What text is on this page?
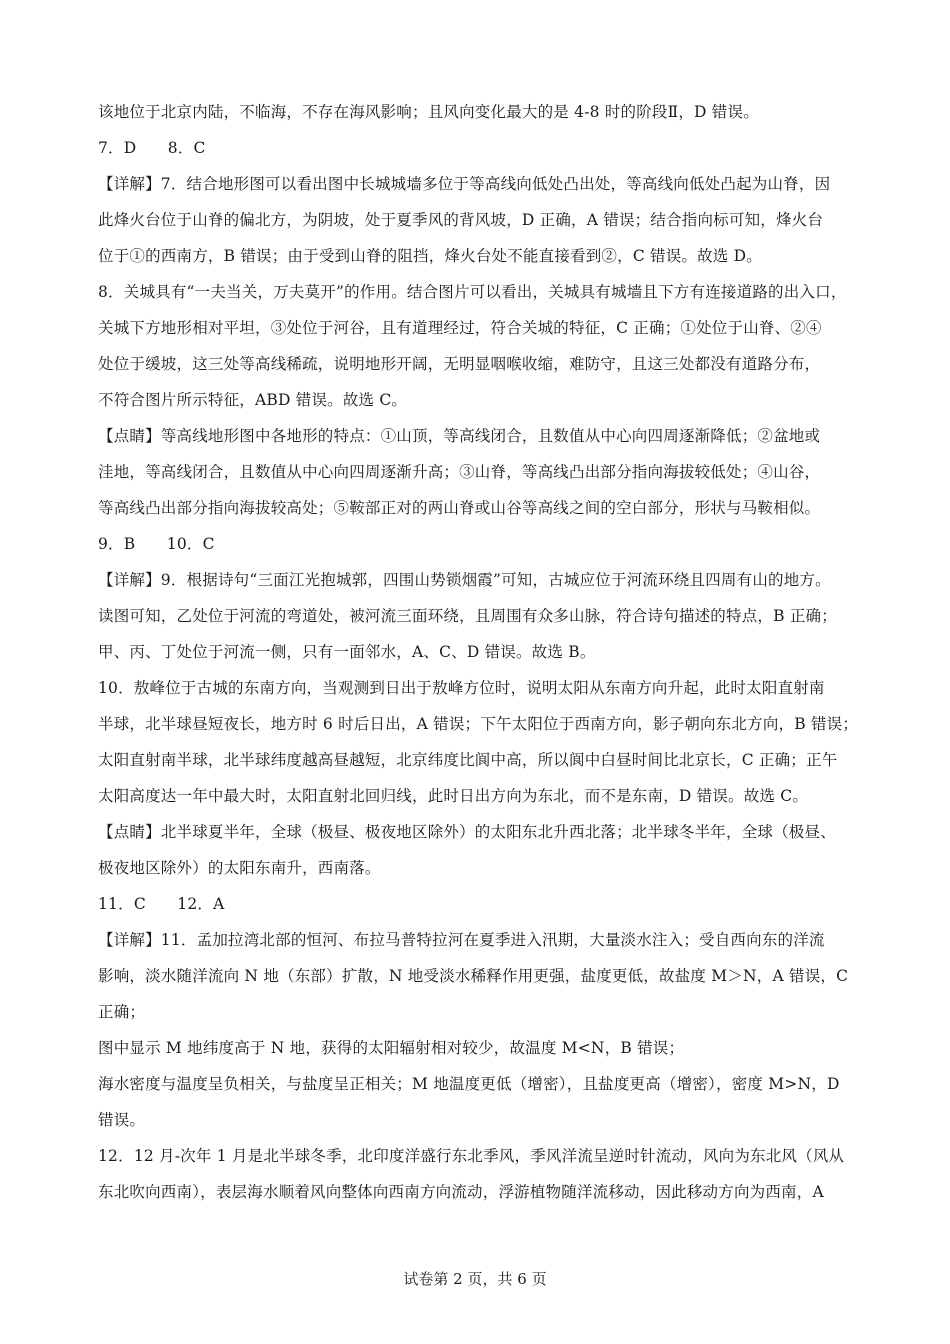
该地位于北京内陆，不临海，不存在海风影响；且风向变化最大的是 4-8 时的阶段Ⅱ，D 错误。
7．D　　8．C
【详解】7．结合地形图可以看出图中长城城墙多位于等高线向低处凸出处，等高线向低处凸起为山脊，因
此烽火台位于山脊的偏北方，为阴坡，处于夏季风的背风坡，D 正确，A 错误；结合指向标可知，烽火台
位于①的西南方，B 错误；由于受到山脊的阻挡，烽火台处不能直接看到②，C 错误。故选 D。
8．关城具有“一夫当关，万夫莫开”的作用。结合图片可以看出，关城具有城墙且下方有连接道路的出入口，
关城下方地形相对平坦，③处位于河谷，且有道理经过，符合关城的特征，C 正确；①处位于山脊、②④
处位于缓坡，这三处等高线稀疏，说明地形开阔，无明显咽喉收缩，难防守，且这三处都没有道路分布，
不符合图片所示特征，ABD 错误。故选 C。
【点睛】等高线地形图中各地形的特点：①山顶，等高线闭合，且数值从中心向四周逐渐降低；②盆地或
洼地，等高线闭合，且数值从中心向四周逐渐升高；③山脊，等高线凸出部分指向海拔较低处；④山谷，
等高线凸出部分指向海拔较高处；⑤鞍部正对的两山脊或山谷等高线之间的空白部分，形状与马鞍相似。
9．B　　10．C
【详解】9．根据诗句“三面江光抱城郭，四围山势锁烟霞”可知，古城应位于河流环绕且四周有山的地方。
读图可知，乙处位于河流的弯道处，被河流三面环绕，且周围有众多山脉，符合诗句描述的特点，B 正确；
甲、丙、丁处位于河流一侧，只有一面邻水，A、C、D 错误。故选 B。
10．敖峰位于古城的东南方向，当观测到日出于敖峰方位时，说明太阳从东南方向升起，此时太阳直射南
半球，北半球昼短夜长，地方时 6 时后日出，A 错误；下午太阳位于西南方向，影子朝向东北方向，B 错误；
太阳直射南半球，北半球纬度越高昼越短，北京纬度比阆中高，所以阆中白昼时间比北京长，C 正确；正午
太阳高度达一年中最大时，太阳直射北回归线，此时日出方向为东北，而不是东南，D 错误。故选 C。
【点睛】北半球夏半年，全球（极昼、极夜地区除外）的太阳东北升西北落；北半球冬半年，全球（极昼、
极夜地区除外）的太阳东南升，西南落。
11．C　　12．A
【详解】11．孟加拉湾北部的恒河、布拉马普特拉河在夏季进入汛期，大量淡水注入；受自西向东的洋流
影响，淡水随洋流向 N 地（东部）扩散，N 地受淡水稀释作用更强，盐度更低，故盐度 M＞N，A 错误，C
正确；
图中显示 M 地纬度高于 N 地，获得的太阳辐射相对较少，故温度 M<N，B 错误；
海水密度与温度呈负相关，与盐度呈正相关；M 地温度更低（增密），且盐度更高（增密），密度 M>N，D
错误。
12．12 月-次年 1 月是北半球冬季，北印度洋盛行东北季风，季风洋流呈逆时针流动，风向为东北风（风从
东北吹向西南），表层海水顺着风向整体向西南方向流动，浮游植物随洋流移动，因此移动方向为西南，A
试卷第 2 页，共 6 页
